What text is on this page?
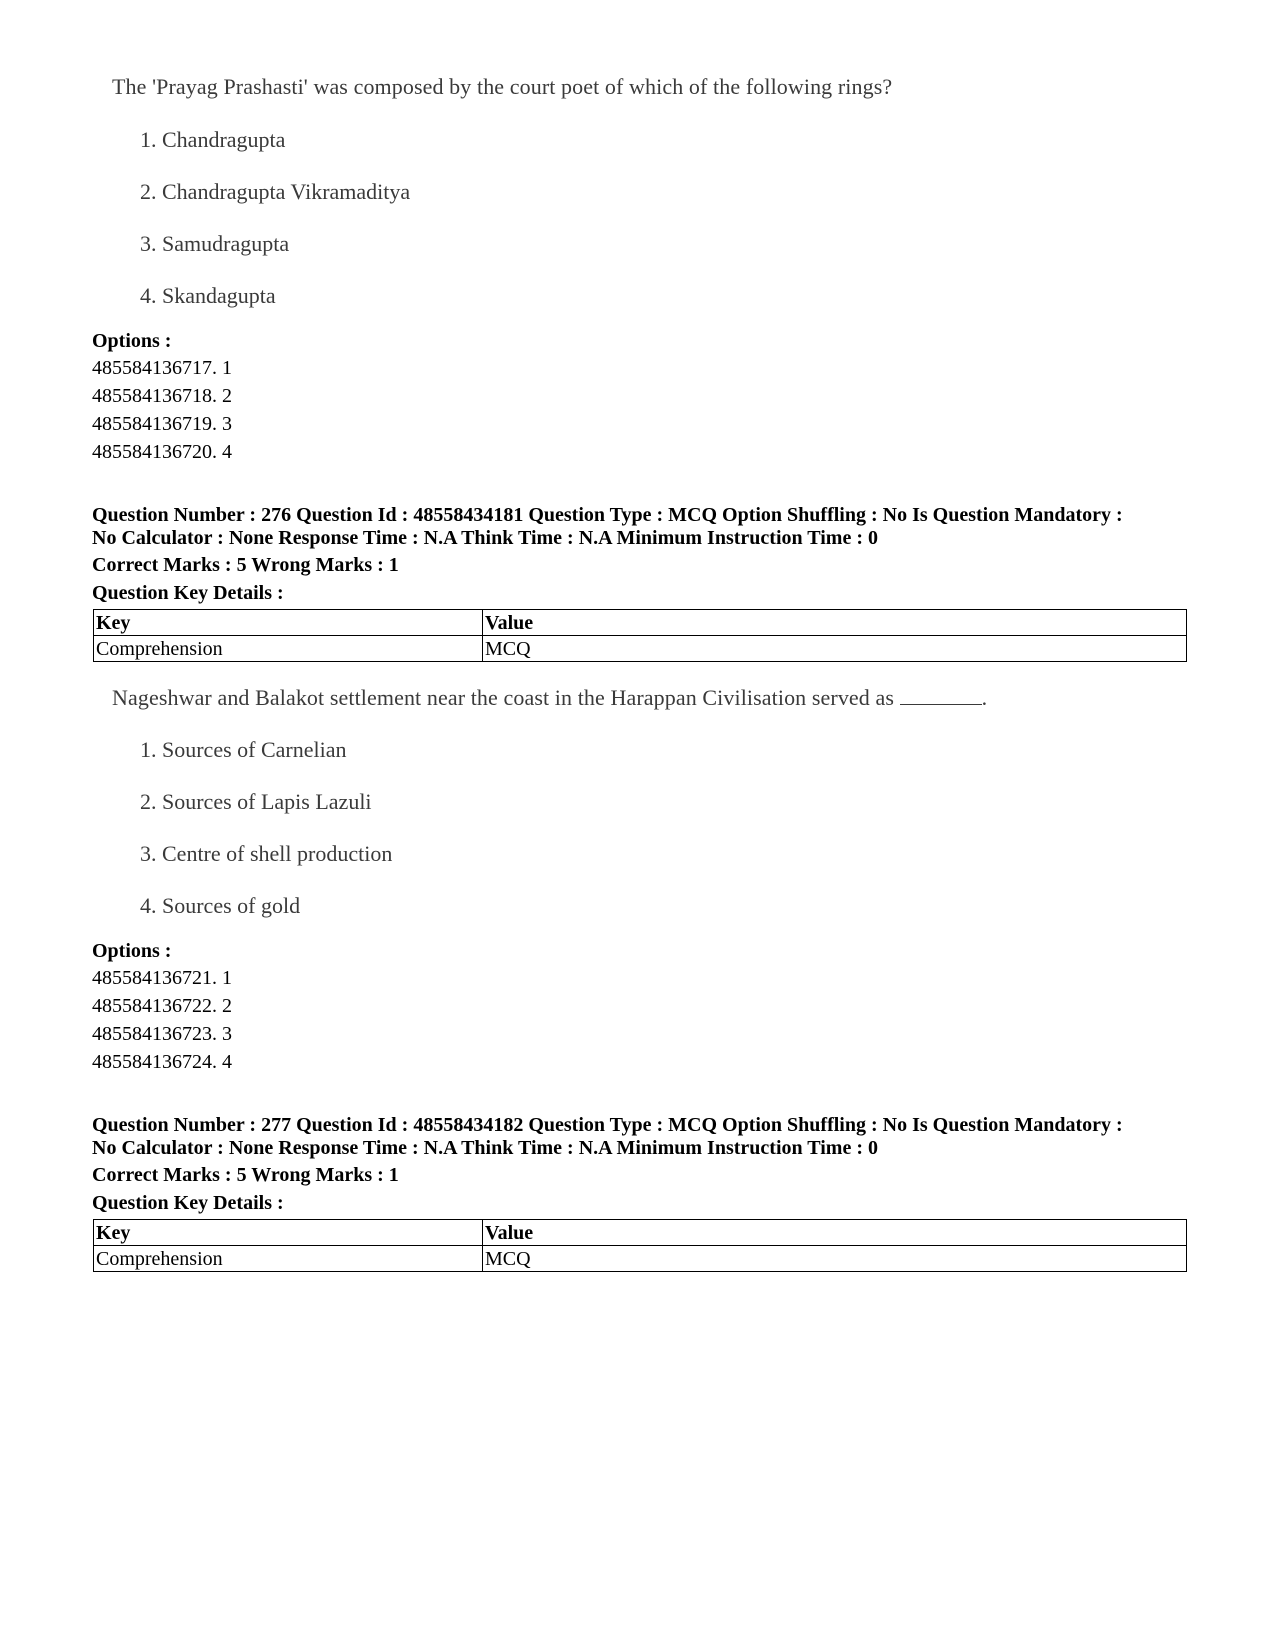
The 'Prayag Prashasti' was composed by the court poet of which of the following rings?
1. Chandragupta
2. Chandragupta Vikramaditya
3. Samudragupta
4. Skandagupta
Options :
485584136717. 1
485584136718. 2
485584136719. 3
485584136720. 4
Question Number : 276 Question Id : 48558434181 Question Type : MCQ Option Shuffling : No Is Question Mandatory :
No Calculator : None Response Time : N.A Think Time : N.A Minimum Instruction Time : 0
Correct Marks : 5 Wrong Marks : 1
Question Key Details :
Key	Value
Comprehension	MCQ
Nageshwar and Balakot settlement near the coast in the Harappan Civilisation served as	.
1. Sources of Carnelian
2. Sources of Lapis Lazuli
3. Centre of shell production
4. Sources of gold
Options :
485584136721. 1
485584136722. 2
485584136723. 3
485584136724. 4
Question Number : 277 Question Id : 48558434182 Question Type : MCQ Option Shuffling : No Is Question Mandatory :
No Calculator : None Response Time : N.A Think Time : N.A Minimum Instruction Time : 0
Correct Marks : 5 Wrong Marks : 1
Question Key Details :
Key	Value
Comprehension	MCQ
